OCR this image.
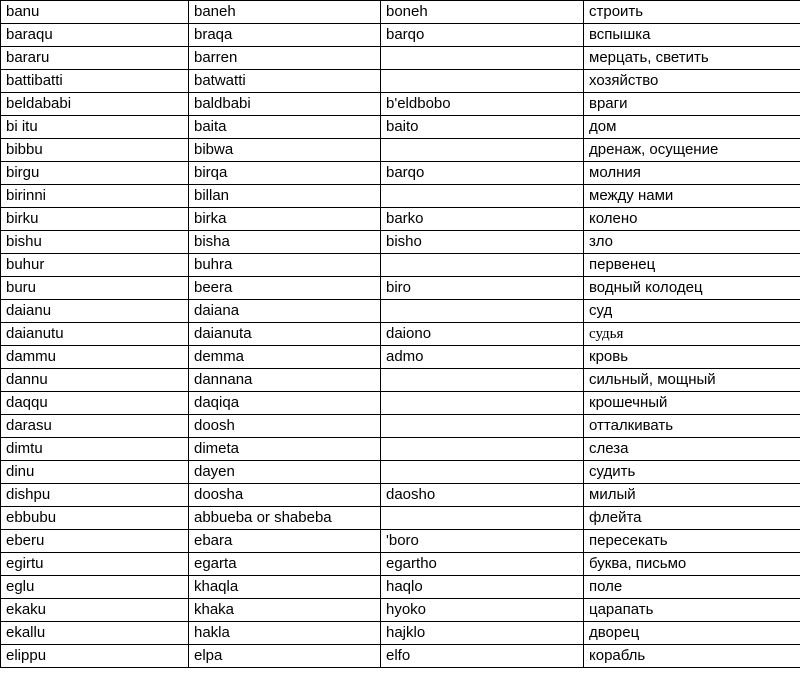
banu	baneh	boneh	строить
baraqu	braqa	barqo	вспышка
bararu	barren		мерцать, светить
battibatti	batwatti		хозяйство
beldababi	baldbabi	b'eldbobo	враги
bi itu	baita	baito	дом
bibbu	bibwa		дренаж, осущение
birgu	birqa	barqo	молния
birinni	billan		между нами
birku	birka	barko	колено
bishu	bisha	bisho	зло
buhur	buhra		первенец
buru	beera	biro	водный колодец
daianu	daiana		суд
daianutu	daianuta	daiono	судья
dammu	demma	admo	кровь
dannu	dannana		сильный, мощный
daqqu	daqiqa		крошечный
darasu	doosh		отталкивать
dimtu	dimeta		слеза
dinu	dayen		судить
dishpu	doosha	daosho	милый
ebbubu	abbueba or shabeba		флейта
eberu	ebara	'boro	пересекать
egirtu	egarta	egartho	буква, письмо
eglu	khaqla	haqlo	поле
ekaku	khaka	hyoko	царапать
ekallu	hakla	hajklo	дворец
elippu	elpa	elfo	корабль
